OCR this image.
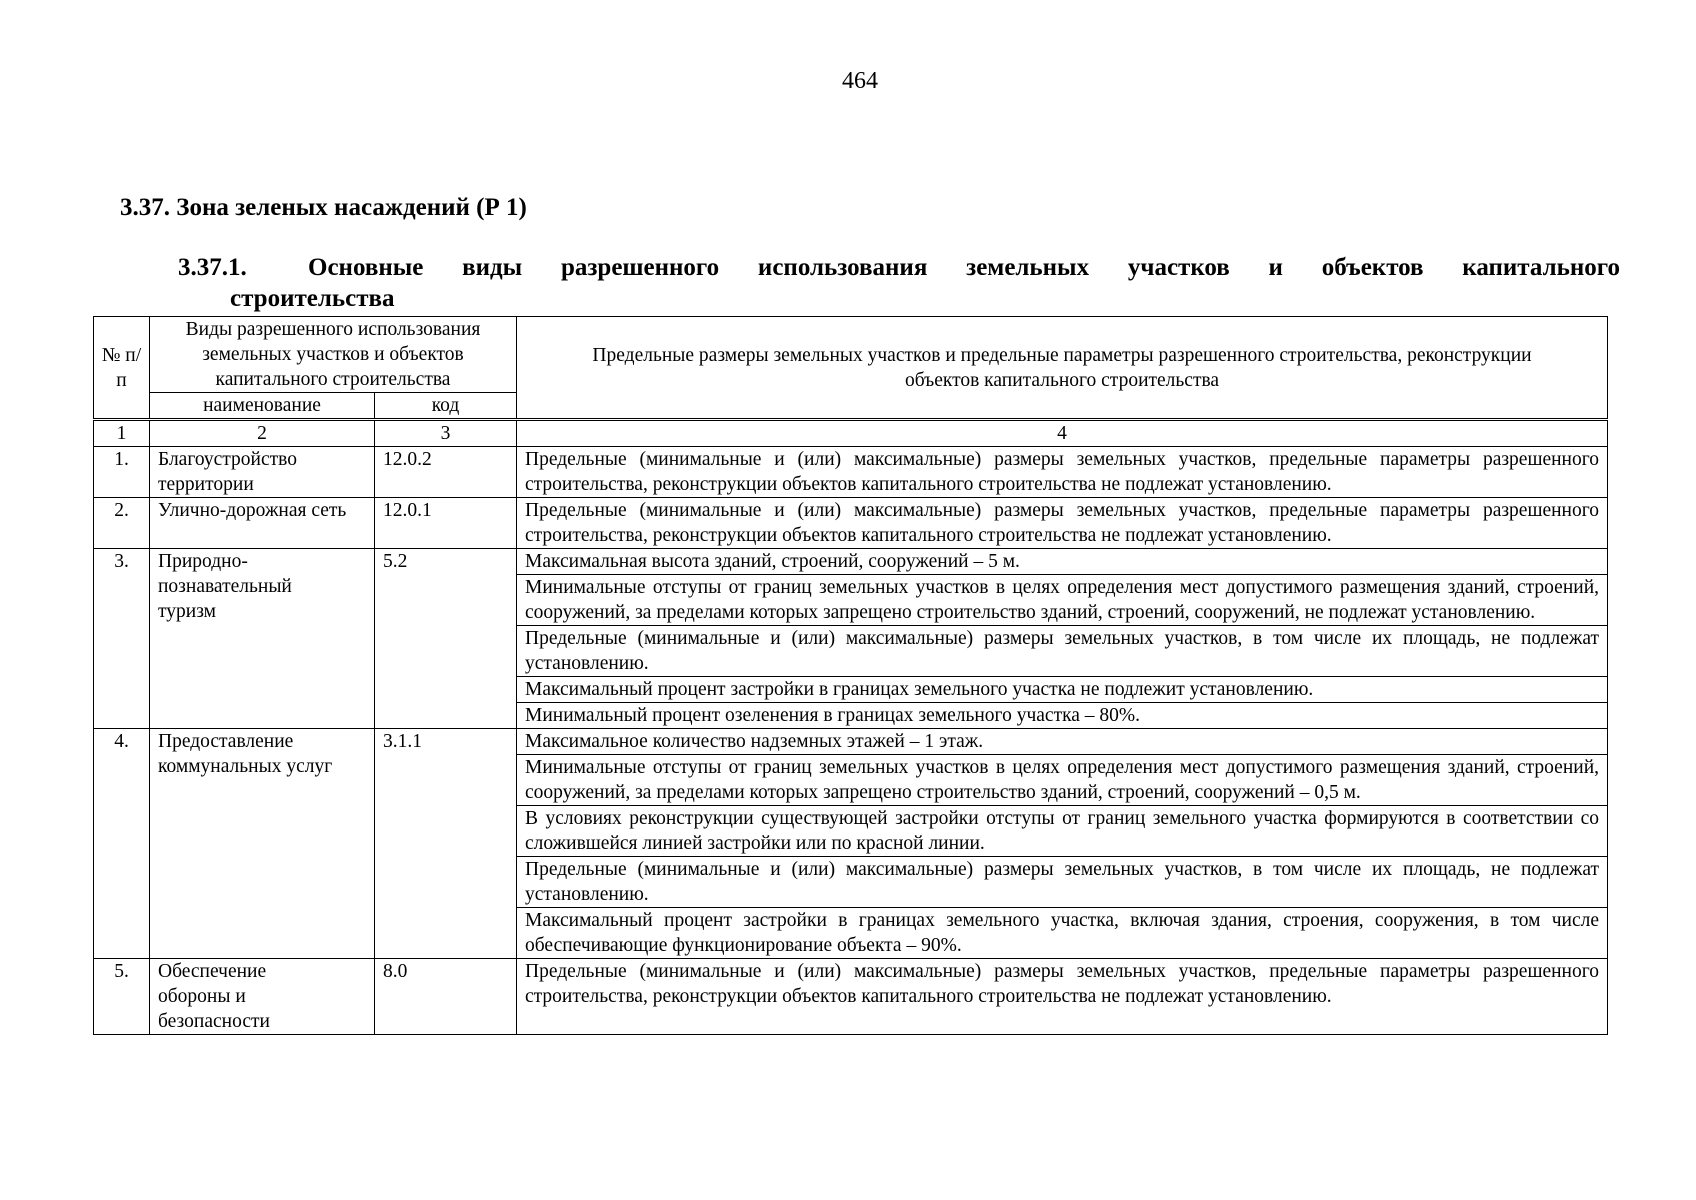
464
3.37. Зона зеленых насаждений (Р 1)
3.37.1.	Основные виды разрешенного использования земельных участков и объектов капитального
строительства
№ п/п	Виды разрешенного использования земельных участков и объектов капитального строительства		Предельные размеры земельных участков и предельные параметры разрешенного строительства, реконструкции объектов капитального строительства
	наименование	код	
1	2	3	4
1.	Благоустройство территории	12.0.2	Предельные (минимальные и (или) максимальные) размеры земельных участков, предельные параметры разрешенного строительства, реконструкции объектов капитального строительства не подлежат установлению.
2.	Улично-дорожная сеть	12.0.1	Предельные (минимальные и (или) максимальные) размеры земельных участков, предельные параметры разрешенного строительства, реконструкции объектов капитального строительства не подлежат установлению.
3.	Природно-познавательный туризм	5.2	Максимальная высота зданий, строений, сооружений – 5 м.
			Минимальные отступы от границ земельных участков в целях определения мест допустимого размещения зданий, строений, сооружений, за пределами которых запрещено строительство зданий, строений, сооружений, не подлежат установлению.
			Предельные (минимальные и (или) максимальные) размеры земельных участков, в том числе их площадь, не подлежат установлению.
			Максимальный процент застройки в границах земельного участка не подлежит установлению.
			Минимальный процент озеленения в границах земельного участка – 80%.
4.	Предоставление коммунальных услуг	3.1.1	Максимальное количество надземных этажей – 1 этаж.
			Минимальные отступы от границ земельных участков в целях определения мест допустимого размещения зданий, строений, сооружений, за пределами которых запрещено строительство зданий, строений, сооружений – 0,5 м.
			В условиях реконструкции существующей застройки отступы от границ земельного участка формируются в соответствии со сложившейся линией застройки или по красной линии.
			Предельные (минимальные и (или) максимальные) размеры земельных участков, в том числе их площадь, не подлежат установлению.
			Максимальный процент застройки в границах земельного участка, включая здания, строения, сооружения, в том числе обеспечивающие функционирование объекта – 90%.
5.	Обеспечение обороны и безопасности	8.0	Предельные (минимальные и (или) максимальные) размеры земельных участков, предельные параметры разрешенного строительства, реконструкции объектов капитального строительства не подлежат установлению.
